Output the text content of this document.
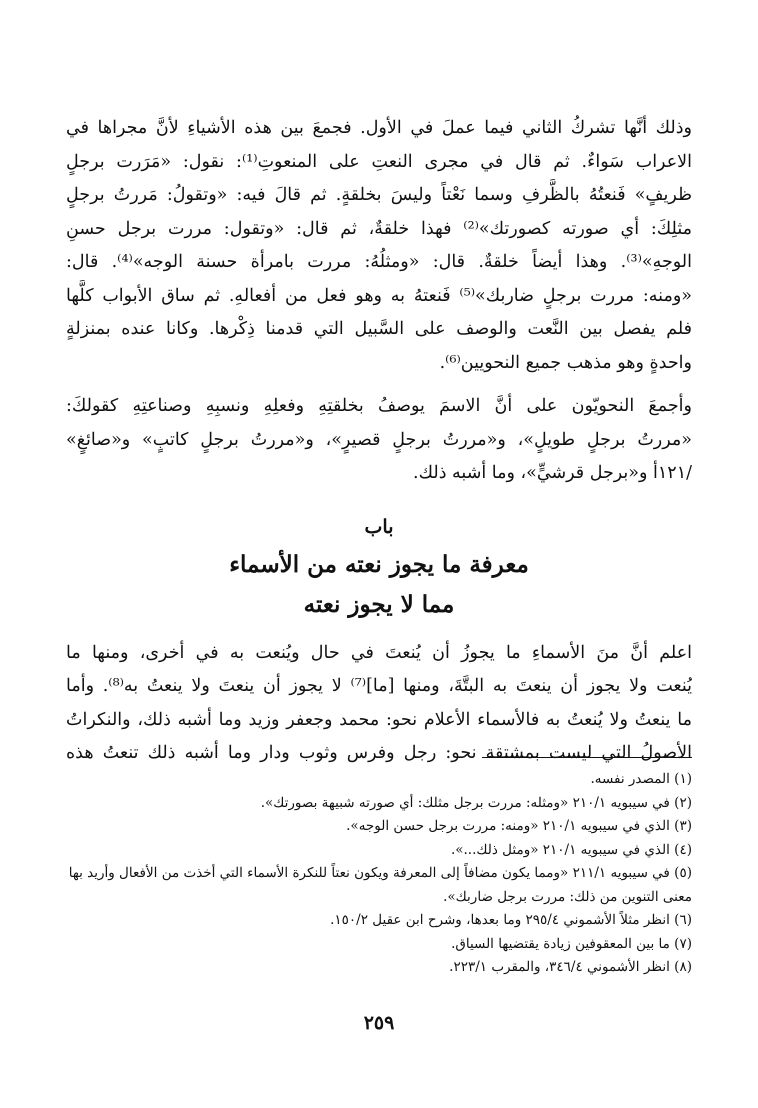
وذلك أنَّها تشركُ الثاني فيما عملَ في الأول. فجمعَ بين هذه الأشياءِ لأنَّ مجراها في
الاعراب سَواءٌ. ثم قال في مجرى النعتِ على المنعوتِ⁽¹⁾: نقول: «مَرَرت برجلٍ
ظريفٍ» فَنعتُهُ بالظَّرفِ وسما نَعْتاً وليسَ بخلقةٍ. ثم قالَ فيه: «وتقولُ: مَررتُ برجلٍ
مثلِكَ: أي صورته كصورتك»⁽²⁾ فهذا خلقةٌ، ثم قال: «وتقول: مررت برجل حسنِ
الوجهِ»⁽³⁾. وهذا أيضاً خلقةٌ. قال: «ومثلُهُ: مررت بامرأة حسنة الوجه»⁽⁴⁾. قال:
«ومنه: مررت برجلٍ ضاربك»⁽⁵⁾ فَنعتهُ به وهو فعل من أفعالهِ. ثم ساق الأبواب كلَّها
فلم يفصل بين النَّعت والوصف على السَّبيل التي قدمنا ذِكْرها. وكانا عنده بمنزلةٍ
واحدةٍ وهو مذهب جميع النحويين⁽⁶⁾.
وأجمعَ النحويّون على أنَّ الاسمَ يوصفُ بخلقتِهِ وفعلِهِ ونسبِهِ وصناعتِهِ كقولكَ:
«مررتُ برجلٍ طويلٍ»، و«مررتُ برجلٍ قصيرٍ»، و«مررتُ برجلٍ كاتبٍ» و«صائغٍ»
/١٢١أ و«برجل قرشيٍّ»، وما أشبه ذلك.
باب
معرفة ما يجوز نعته من الأسماء
مما لا يجوز نعته
اعلم أنَّ منَ الأسماءِ ما يجوزُ أن يُنعتَ في حال ويُنعت به في أخرى، ومنها ما
يُنعت ولا يجوز أن ينعتَ به البتَّةَ، ومنها [ما]⁽⁷⁾ لا يجوز أن ينعتَ ولا ينعتُ به⁽⁸⁾. وأما
ما ينعتُ ولا يُنعتُ به فالأسماء الأعلام نحو: محمد وجعفر وزيد وما أشبه ذلك، والنكراتُ
الأصولُ التي ليست بمشتقة نحو: رجل وفرس وثوب ودار وما أشبه ذلك تنعتُ هذه
(١) المصدر نفسه.
(٢) في سيبويه ٢١٠/١ «ومثله: مررت برجل مثلك: أي صورته شبيهة بصورتك».
(٣) الذي في سيبويه ٢١٠/١ «ومنه: مررت برجل حسن الوجه».
(٤) الذي في سيبويه ٢١٠/١ «ومثل ذلك...».
(٥) في سيبويه ٢١١/١ «ومما يكون مضافاً إلى المعرفة ويكون نعتاً للنكرة الأسماء التي أخذت من الأفعال وأريد بها معنى التنوين من ذلك: مررت برجل ضاربك».
(٦) انظر مثلاً الأشموني ٢٩٥/٤ وما بعدها، وشرح ابن عقيل ١٥٠/٢.
(٧) ما بين المعقوفين زيادة يقتضيها السياق.
(٨) انظر الأشموني ٣٤٦/٤، والمقرب ٢٢٣/١.
٢٥٩
